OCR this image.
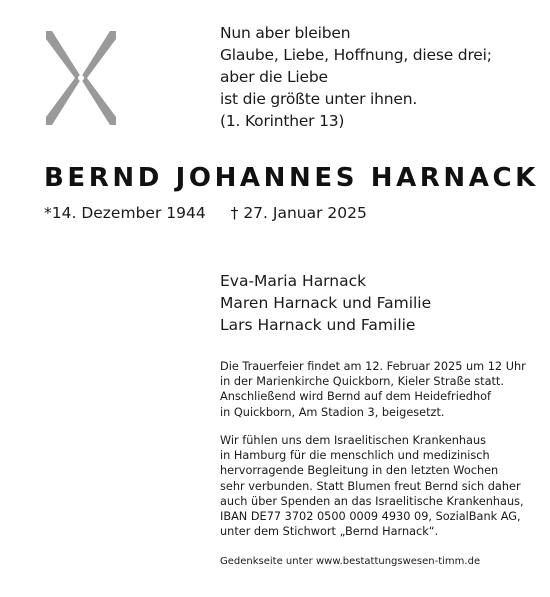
Nun aber bleiben
Glaube, Liebe, Hoffnung, diese drei;
aber die Liebe
ist die größte unter ihnen.
(1. Korinther 13)
BERND JOHANNES HARNACK
*14. Dezember 1944 † 27. Januar 2025
Eva-Maria Harnack
Maren Harnack und Familie
Lars Harnack und Familie
Die Trauerfeier findet am 12. Februar 2025 um 12 Uhr
in der Marienkirche Quickborn, Kieler Straße statt.
Anschließend wird Bernd auf dem Heidefriedhof
in Quickborn, Am Stadion 3, beigesetzt.
Wir fühlen uns dem Israelitischen Krankenhaus
in Hamburg für die menschlich und medizinisch
hervorragende Begleitung in den letzten Wochen
sehr verbunden. Statt Blumen freut Bernd sich daher
auch über Spenden an das Israelitische Krankenhaus,
IBAN DE77 3702 0500 0009 4930 09, SozialBank AG,
unter dem Stichwort „Bernd Harnack“.
Gedenkseite unter www.bestattungswesen-timm.de
